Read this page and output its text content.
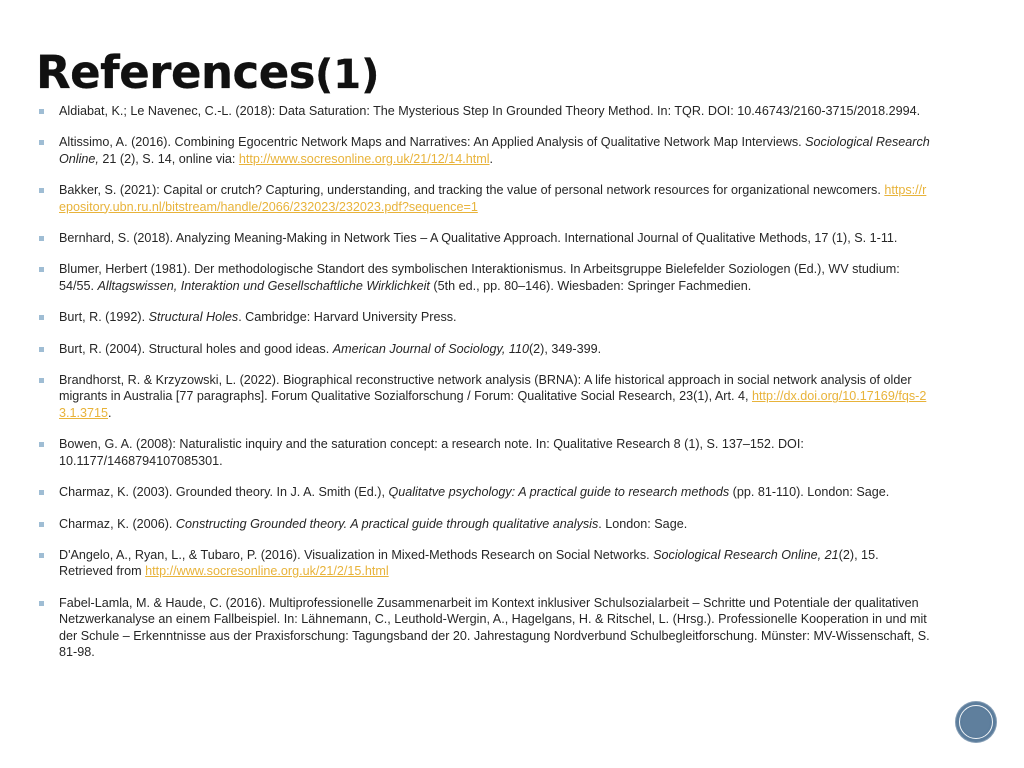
References(1)
Aldiabat, K.; Le Navenec, C.-L. (2018): Data Saturation: The Mysterious Step In Grounded Theory Method. In: TQR. DOI: 10.46743/2160-3715/2018.2994.
Altissimo, A. (2016). Combining Egocentric Network Maps and Narratives: An Applied Analysis of Qualitative Network Map Interviews. Sociological Research Online, 21 (2), S. 14, online via: http://www.socresonline.org.uk/21/12/14.html.
Bakker, S. (2021): Capital or crutch? Capturing, understanding, and tracking the value of personal network resources for organizational newcomers. https://repository.ubn.ru.nl/bitstream/handle/2066/232023/232023.pdf?sequence=1
Bernhard, S. (2018). Analyzing Meaning-Making in Network Ties – A Qualitative Approach. International Journal of Qualitative Methods, 17 (1), S. 1-11.
Blumer, Herbert (1981). Der methodologische Standort des symbolischen Interaktionismus. In Arbeitsgruppe Bielefelder Soziologen (Ed.), WV studium: 54/55. Alltagswissen, Interaktion und Gesellschaftliche Wirklichkeit (5th ed., pp. 80–146). Wiesbaden: Springer Fachmedien.
Burt, R. (1992). Structural Holes. Cambridge: Harvard University Press.
Burt, R. (2004). Structural holes and good ideas. American Journal of Sociology, 110(2), 349-399.
Brandhorst, R. & Krzyzowski, L. (2022). Biographical reconstructive network analysis (BRNA): A life historical approach in social network analysis of older migrants in Australia [77 paragraphs]. Forum Qualitative Sozialforschung / Forum: Qualitative Social Research, 23(1), Art. 4, http://dx.doi.org/10.17169/fqs-23.1.3715.
Bowen, G. A. (2008): Naturalistic inquiry and the saturation concept: a research note. In: Qualitative Research 8 (1), S. 137–152. DOI: 10.1177/1468794107085301.
Charmaz, K. (2003). Grounded theory. In J. A. Smith (Ed.), Qualitatve psychology: A practical guide to research methods (pp. 81-110). London: Sage.
Charmaz, K. (2006). Constructing Grounded theory. A practical guide through qualitative analysis. London: Sage.
D'Angelo, A., Ryan, L., & Tubaro, P. (2016). Visualization in Mixed-Methods Research on Social Networks. Sociological Research Online, 21(2), 15. Retrieved from http://www.socresonline.org.uk/21/2/15.html
Fabel-Lamla, M. & Haude, C. (2016). Multiprofessionelle Zusammenarbeit im Kontext inklusiver Schulsozialarbeit – Schritte und Potentiale der qualitativen Netzwerkanalyse an einem Fallbeispiel. In: Lähnemann, C., Leuthold-Wergin, A., Hagelgans, H. & Ritschel, L. (Hrsg.). Professionelle Kooperation in und mit der Schule – Erkenntnisse aus der Praxisforschung: Tagungsband der 20. Jahrestagung Nordverbund Schulbegleitforschung. Münster: MV-Wissenschaft, S. 81-98.
